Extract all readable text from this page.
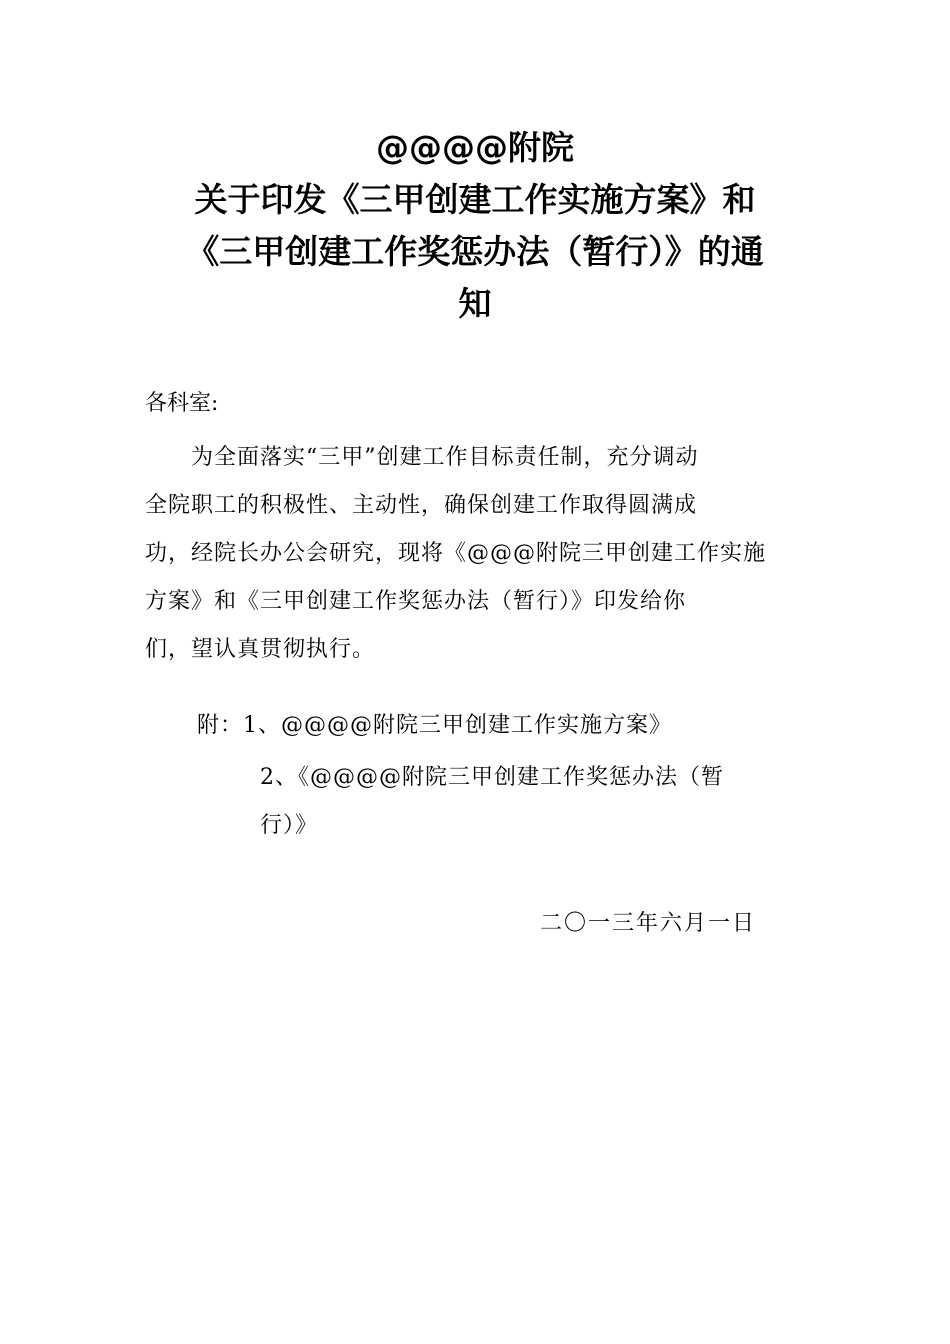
@@@@附院
关于印发《三甲创建工作实施方案》和
《三甲创建工作奖惩办法（暂行）》的通
知
各科室:
　　为全面落实“三甲”创建工作目标责任制，充分调动
全院职工的积极性、主动性，确保创建工作取得圆满成
功，经院长办公会研究，现将《@@@附院三甲创建工作实施
方案》和《三甲创建工作奖惩办法（暂行）》印发给你
们，望认真贯彻执行。
附：1、@@@@附院三甲创建工作实施方案》
2、《@@@@附院三甲创建工作奖惩办法（暂
行）》
二〇一三年六月一日
